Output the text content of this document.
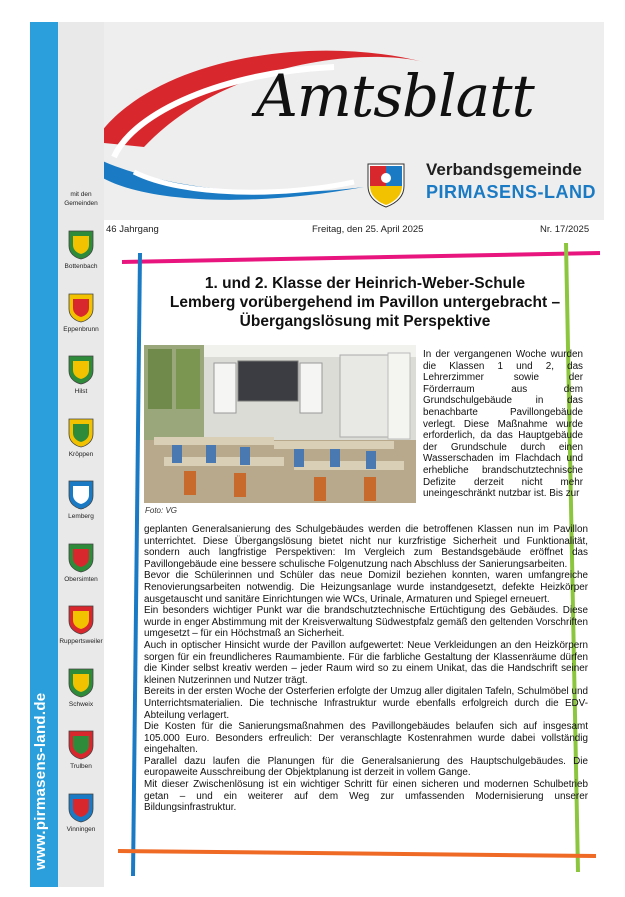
www.pirmasens-land.de
mit den Gemeinden
Bottenbach
Eppenbrunn
Hilst
Kröppen
Lemberg
Obersimten
Ruppertsweiler
Schweix
Trulben
Vinningen
Amtsblatt
Verbandsgemeinde
PIRMASENS-LAND
46 Jahrgang	Freitag, den 25. April 2025	Nr. 17/2025
1. und 2. Klasse der Heinrich-Weber-Schule
Lemberg vorübergehend im Pavillon untergebracht –
Übergangslösung mit Perspektive
Foto: VG
In der vergangenen Woche wurden die Klassen 1 und 2, das Lehrerzimmer sowie der Förderraum aus dem Grundschulgebäude in das benachbarte Pavillongebäude verlegt. Diese Maßnahme wurde erforderlich, da das Hauptgebäude der Grundschule durch einen Wasserschaden im Flachdach und erhebliche brandschutztechnische Defizite derzeit nicht mehr uneingeschränkt nutzbar ist. Bis zur

geplanten Generalsanierung des Schulgebäudes werden die betroffenen Klassen nun im Pavillon unterrichtet. Diese Übergangslösung bietet nicht nur kurzfristige Sicherheit und Funktionalität, sondern auch langfristige Perspektiven: Im Vergleich zum Bestandsgebäude eröffnet das Pavillongebäude eine bessere schulische Folgenutzung nach Abschluss der Sanierungsarbeiten.

Bevor die Schülerinnen und Schüler das neue Domizil beziehen konnten, waren umfangreiche Renovierungsarbeiten notwendig. Die Heizungsanlage wurde instandgesetzt, defekte Heizkörper ausgetauscht und sanitäre Einrichtungen wie WCs, Urinale, Armaturen und Spiegel erneuert.

Ein besonders wichtiger Punkt war die brandschutztechnische Ertüchtigung des Gebäudes. Diese wurde in enger Abstimmung mit der Kreisverwaltung Südwestpfalz gemäß den geltenden Vorschriften umgesetzt – für ein Höchstmaß an Sicherheit.

Auch in optischer Hinsicht wurde der Pavillon aufgewertet: Neue Verkleidungen an den Heizkörpern sorgen für ein freundlicheres Raumambiente. Für die farbliche Gestaltung der Klassenräume dürfen die Kinder selbst kreativ werden – jeder Raum wird so zu einem Unikat, das die Handschrift seiner kleinen Nutzerinnen und Nutzer trägt.

Bereits in der ersten Woche der Osterferien erfolgte der Umzug aller digitalen Tafeln, Schulmöbel und Unterrichtsmaterialien. Die technische Infrastruktur wurde ebenfalls erfolgreich durch die EDV-Abteilung verlagert.

Die Kosten für die Sanierungsmaßnahmen des Pavillongebäudes belaufen sich auf insgesamt 105.000 Euro. Besonders erfreulich: Der veranschlagte Kostenrahmen wurde dabei vollständig eingehalten.

Parallel dazu laufen die Planungen für die Generalsanierung des Hauptschulgebäudes. Die europaweite Ausschreibung der Objektplanung ist derzeit in vollem Gange.

Mit dieser Zwischenlösung ist ein wichtiger Schritt für einen sicheren und modernen Schulbetrieb getan – und ein weiterer auf dem Weg zur umfassenden Modernisierung unserer Bildungsinfrastruktur.
